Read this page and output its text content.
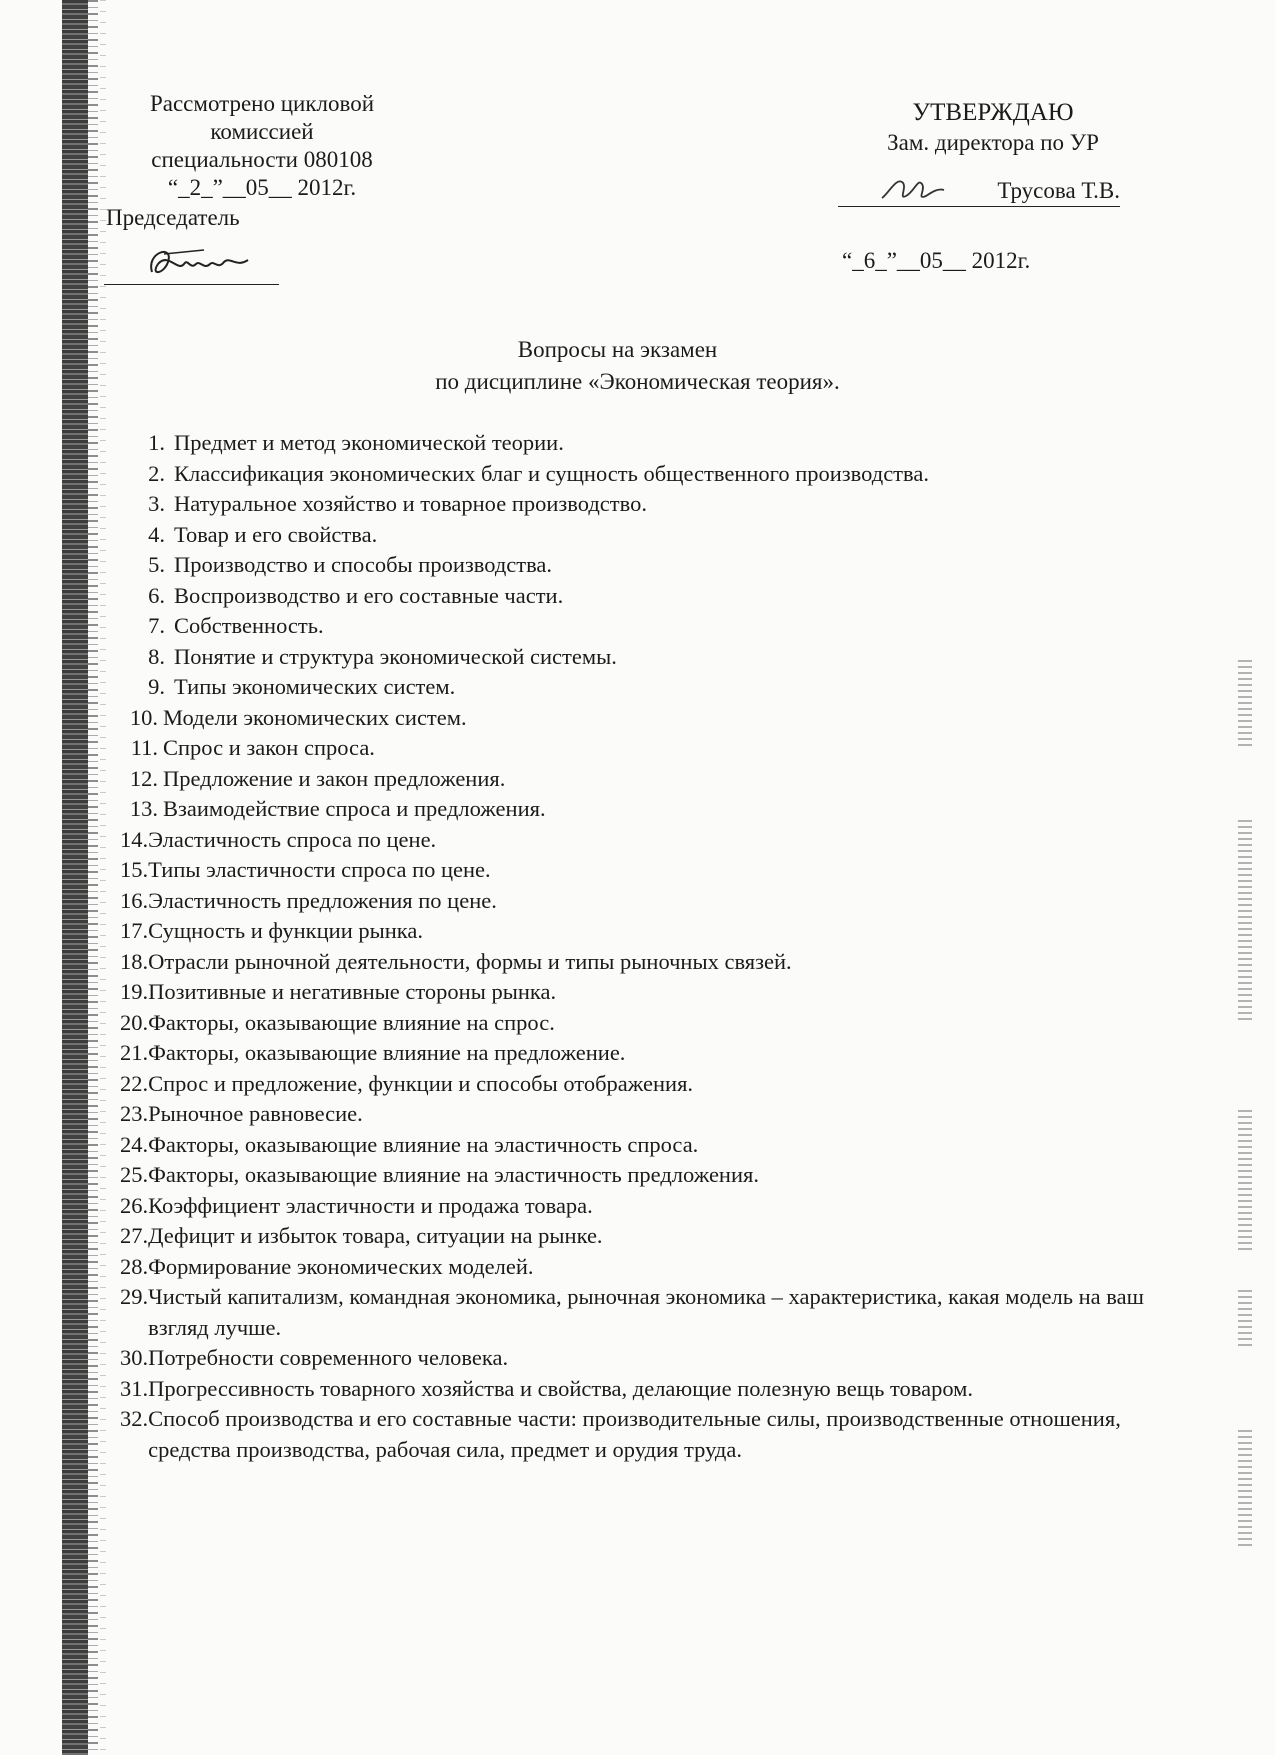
Рассмотрено цикловой
комиссией
специальности 080108
“_2_”__05__ 2012г.
Председатель
УТВЕРЖДАЮ
Зам. директора по УР
Трусова Т.В.
“_6_”__05__ 2012г.
Вопросы на экзамен
по дисциплине «Экономическая теория».
1. Предмет и метод экономической теории.
2. Классификация экономических благ и сущность общественного производства.
3. Натуральное хозяйство и товарное производство.
4. Товар и его свойства.
5. Производство и способы производства.
6. Воспроизводство и его составные части.
7. Собственность.
8. Понятие и структура экономической системы.
9. Типы экономических систем.
10. Модели экономических систем.
11. Спрос и закон спроса.
12. Предложение и закон предложения.
13. Взаимодействие спроса и предложения.
14. Эластичность спроса по цене.
15. Типы эластичности спроса по цене.
16. Эластичность предложения по цене.
17. Сущность и функции рынка.
18. Отрасли рыночной деятельности, формы и типы рыночных связей.
19. Позитивные и негативные стороны рынка.
20. Факторы, оказывающие влияние на спрос.
21. Факторы, оказывающие влияние на предложение.
22. Спрос и предложение, функции и способы отображения.
23. Рыночное равновесие.
24. Факторы, оказывающие влияние на эластичность спроса.
25. Факторы, оказывающие влияние на эластичность предложения.
26. Коэффициент эластичности и продажа товара.
27. Дефицит и избыток товара, ситуации на рынке.
28. Формирование экономических моделей.
29. Чистый капитализм, командная экономика, рыночная экономика – характеристика, какая модель на ваш взгляд лучше.
30. Потребности современного человека.
31. Прогрессивность товарного хозяйства и свойства, делающие полезную вещь товаром.
32. Способ производства и его составные части: производительные силы, производственные отношения, средства производства, рабочая сила, предмет и орудия труда.
